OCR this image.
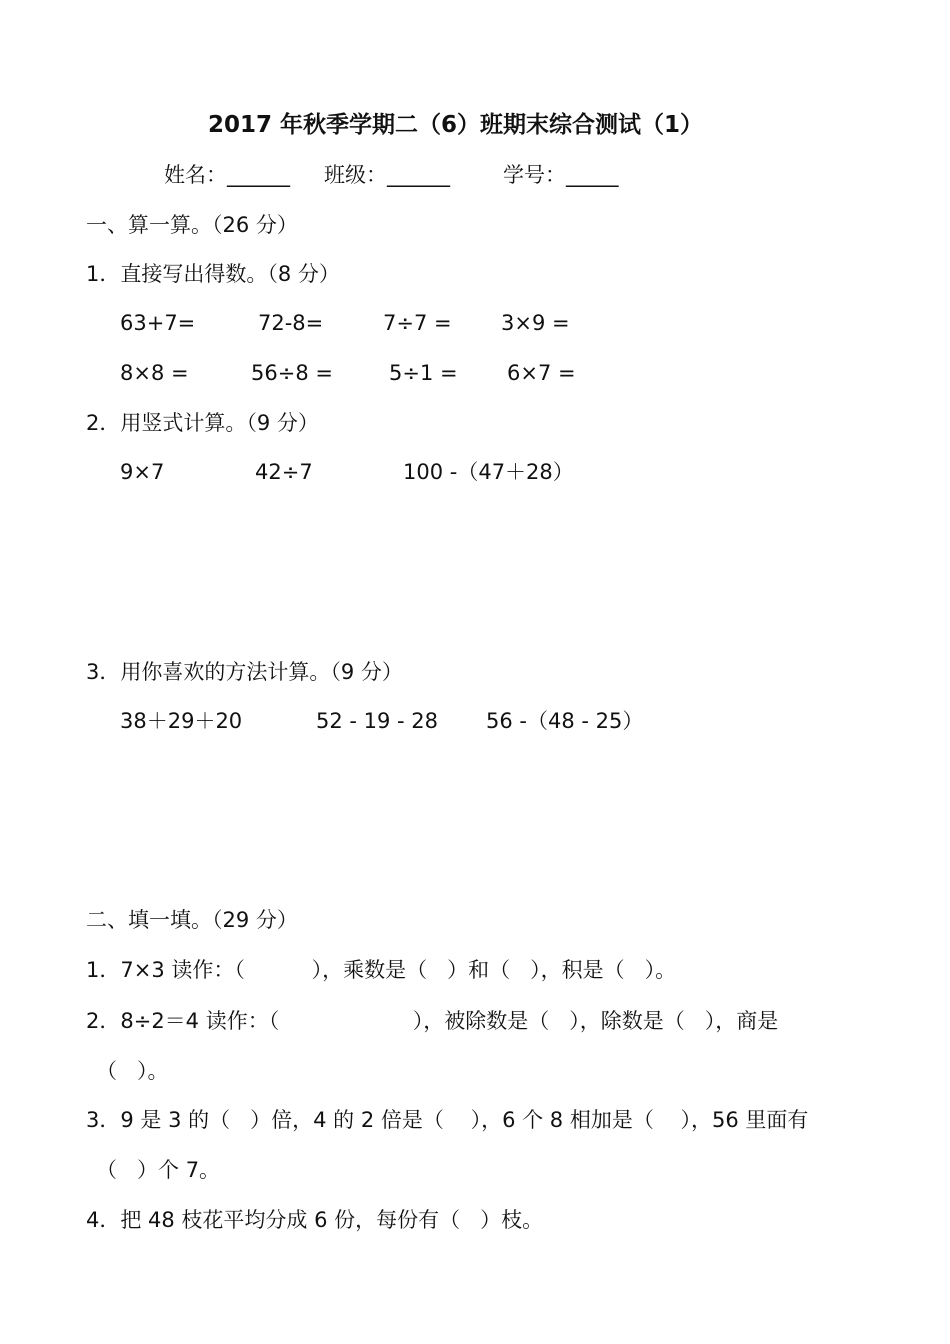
2017 年秋季学期二（6）班期末综合测试（1）
姓名：______ 班级：______	学号：_____
一、算一算。（26 分）
1．直接写出得数。（8 分）
63+7=	72-8=	7÷7 = 3×9 =
8×8 =	56÷8 =	5÷1 = 6×7 =
2．用竖式计算。（9 分）
9×7	42÷7	100 -（47＋28）
3．用你喜欢的方法计算。（9 分）
38＋29＋20	52 - 19 - 28 56 -（48 - 25）
二、填一填。（29 分）
1．7×3 读作：（          ），乘数是（   ）和（   ），积是（   ）。
2．8÷2＝4 读作：（                    ），被除数是（   ），除数是（   ），商是
（   ）。
3．9 是 3 的（   ）倍，4 的 2 倍是（    ），6 个 8 相加是（    ），56 里面有
（   ）个 7。
4．把 48 枝花平均分成 6 份，每份有（   ）枝。
